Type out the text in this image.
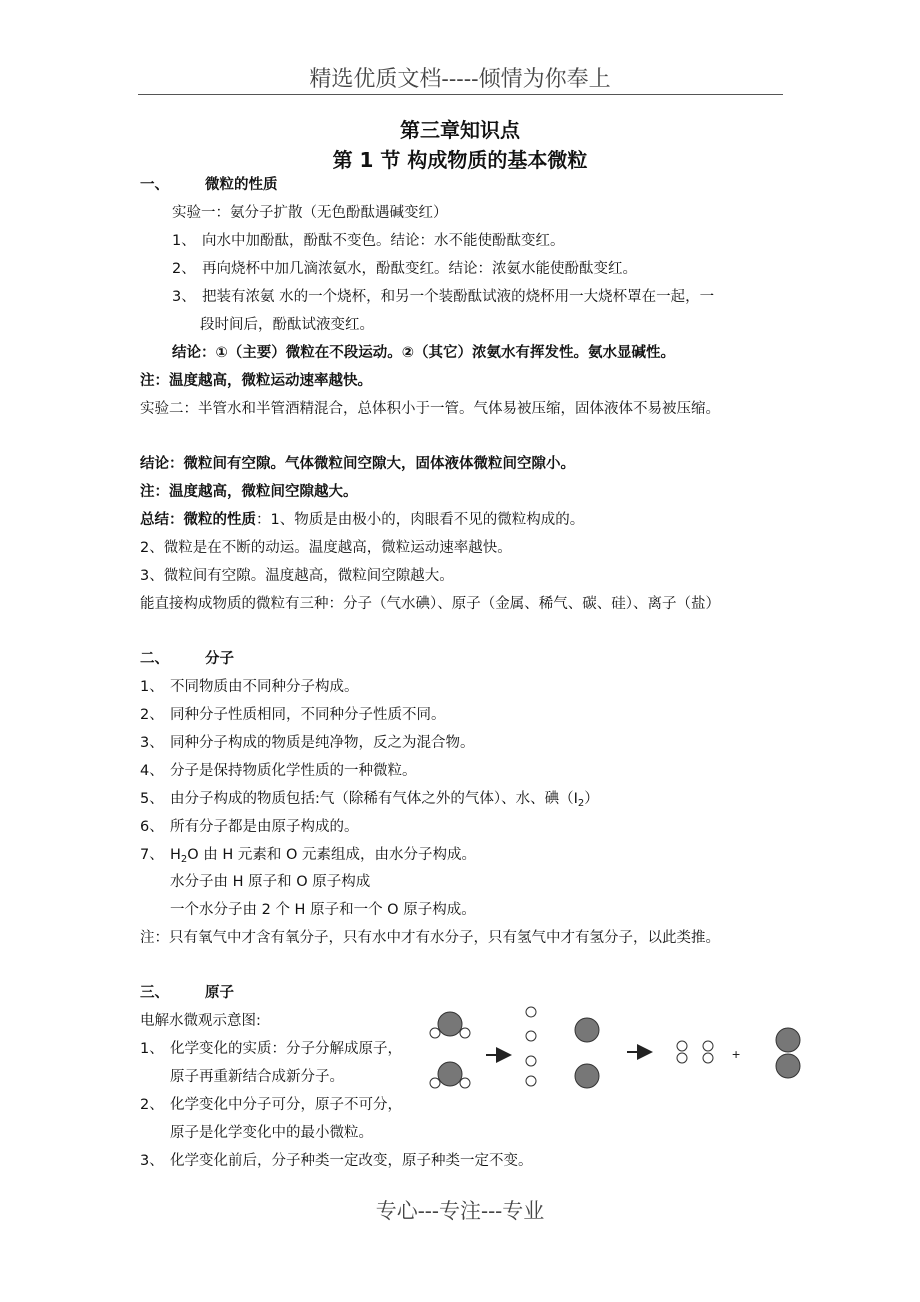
精选优质文档-----倾情为你奉上
第三章知识点
第 1 节 构成物质的基本微粒
一、 微粒的性质
实验一：氨分子扩散（无色酚酞遇碱变红）
1、 向水中加酚酞，酚酞不变色。结论：水不能使酚酞变红。
2、 再向烧杯中加几滴浓氨水，酚酞变红。结论：浓氨水能使酚酞变红。
3、 把装有浓氨 水的一个烧杯，和另一个装酚酞试液的烧杯用一大烧杯罩在一起，一
段时间后，酚酞试液变红。
结论：①（主要）微粒在不段运动。②（其它）浓氨水有挥发性。氨水显碱性。
注：温度越高，微粒运动速率越快。
实验二：半管水和半管酒精混合，总体积小于一管。气体易被压缩，固体液体不易被压缩。
结论：微粒间有空隙。气体微粒间空隙大，固体液体微粒间空隙小。
注：温度越高，微粒间空隙越大。
总结：微粒的性质：1、物质是由极小的，肉眼看不见的微粒构成的。
2、微粒是在不断的动运。温度越高，微粒运动速率越快。
3、微粒间有空隙。温度越高，微粒间空隙越大。
能直接构成物质的微粒有三种：分子（气水碘）、原子（金属、稀气、碳、硅）、离子（盐）
二、 分子
1、 不同物质由不同种分子构成。
2、 同种分子性质相同，不同种分子性质不同。
3、 同种分子构成的物质是纯净物，反之为混合物。
4、 分子是保持物质化学性质的一种微粒。
5、 由分子构成的物质包括:气（除稀有气体之外的气体）、水、碘$(I_2)$
6、 所有分子都是由原子构成的。
7、 $H_2O$ 由 H 元素和 O 元素组成，由水分子构成。
水分子由 H 原子和 O 原子构成
一个水分子由 2 个 H 原子和一个 O 原子构成。
注：只有氧气中才含有氧分子，只有水中才有水分子，只有氢气中才有氢分子，以此类推。
三、 原子
电解水微观示意图:
1、 化学变化的实质：分子分解成原子，
原子再重新结合成新分子。
2、 化学变化中分子可分，原子不可分，
原子是化学变化中的最小微粒。
3、 化学变化前后，分子种类一定改变，原子种类一定不变。
+
专心---专注---专业
